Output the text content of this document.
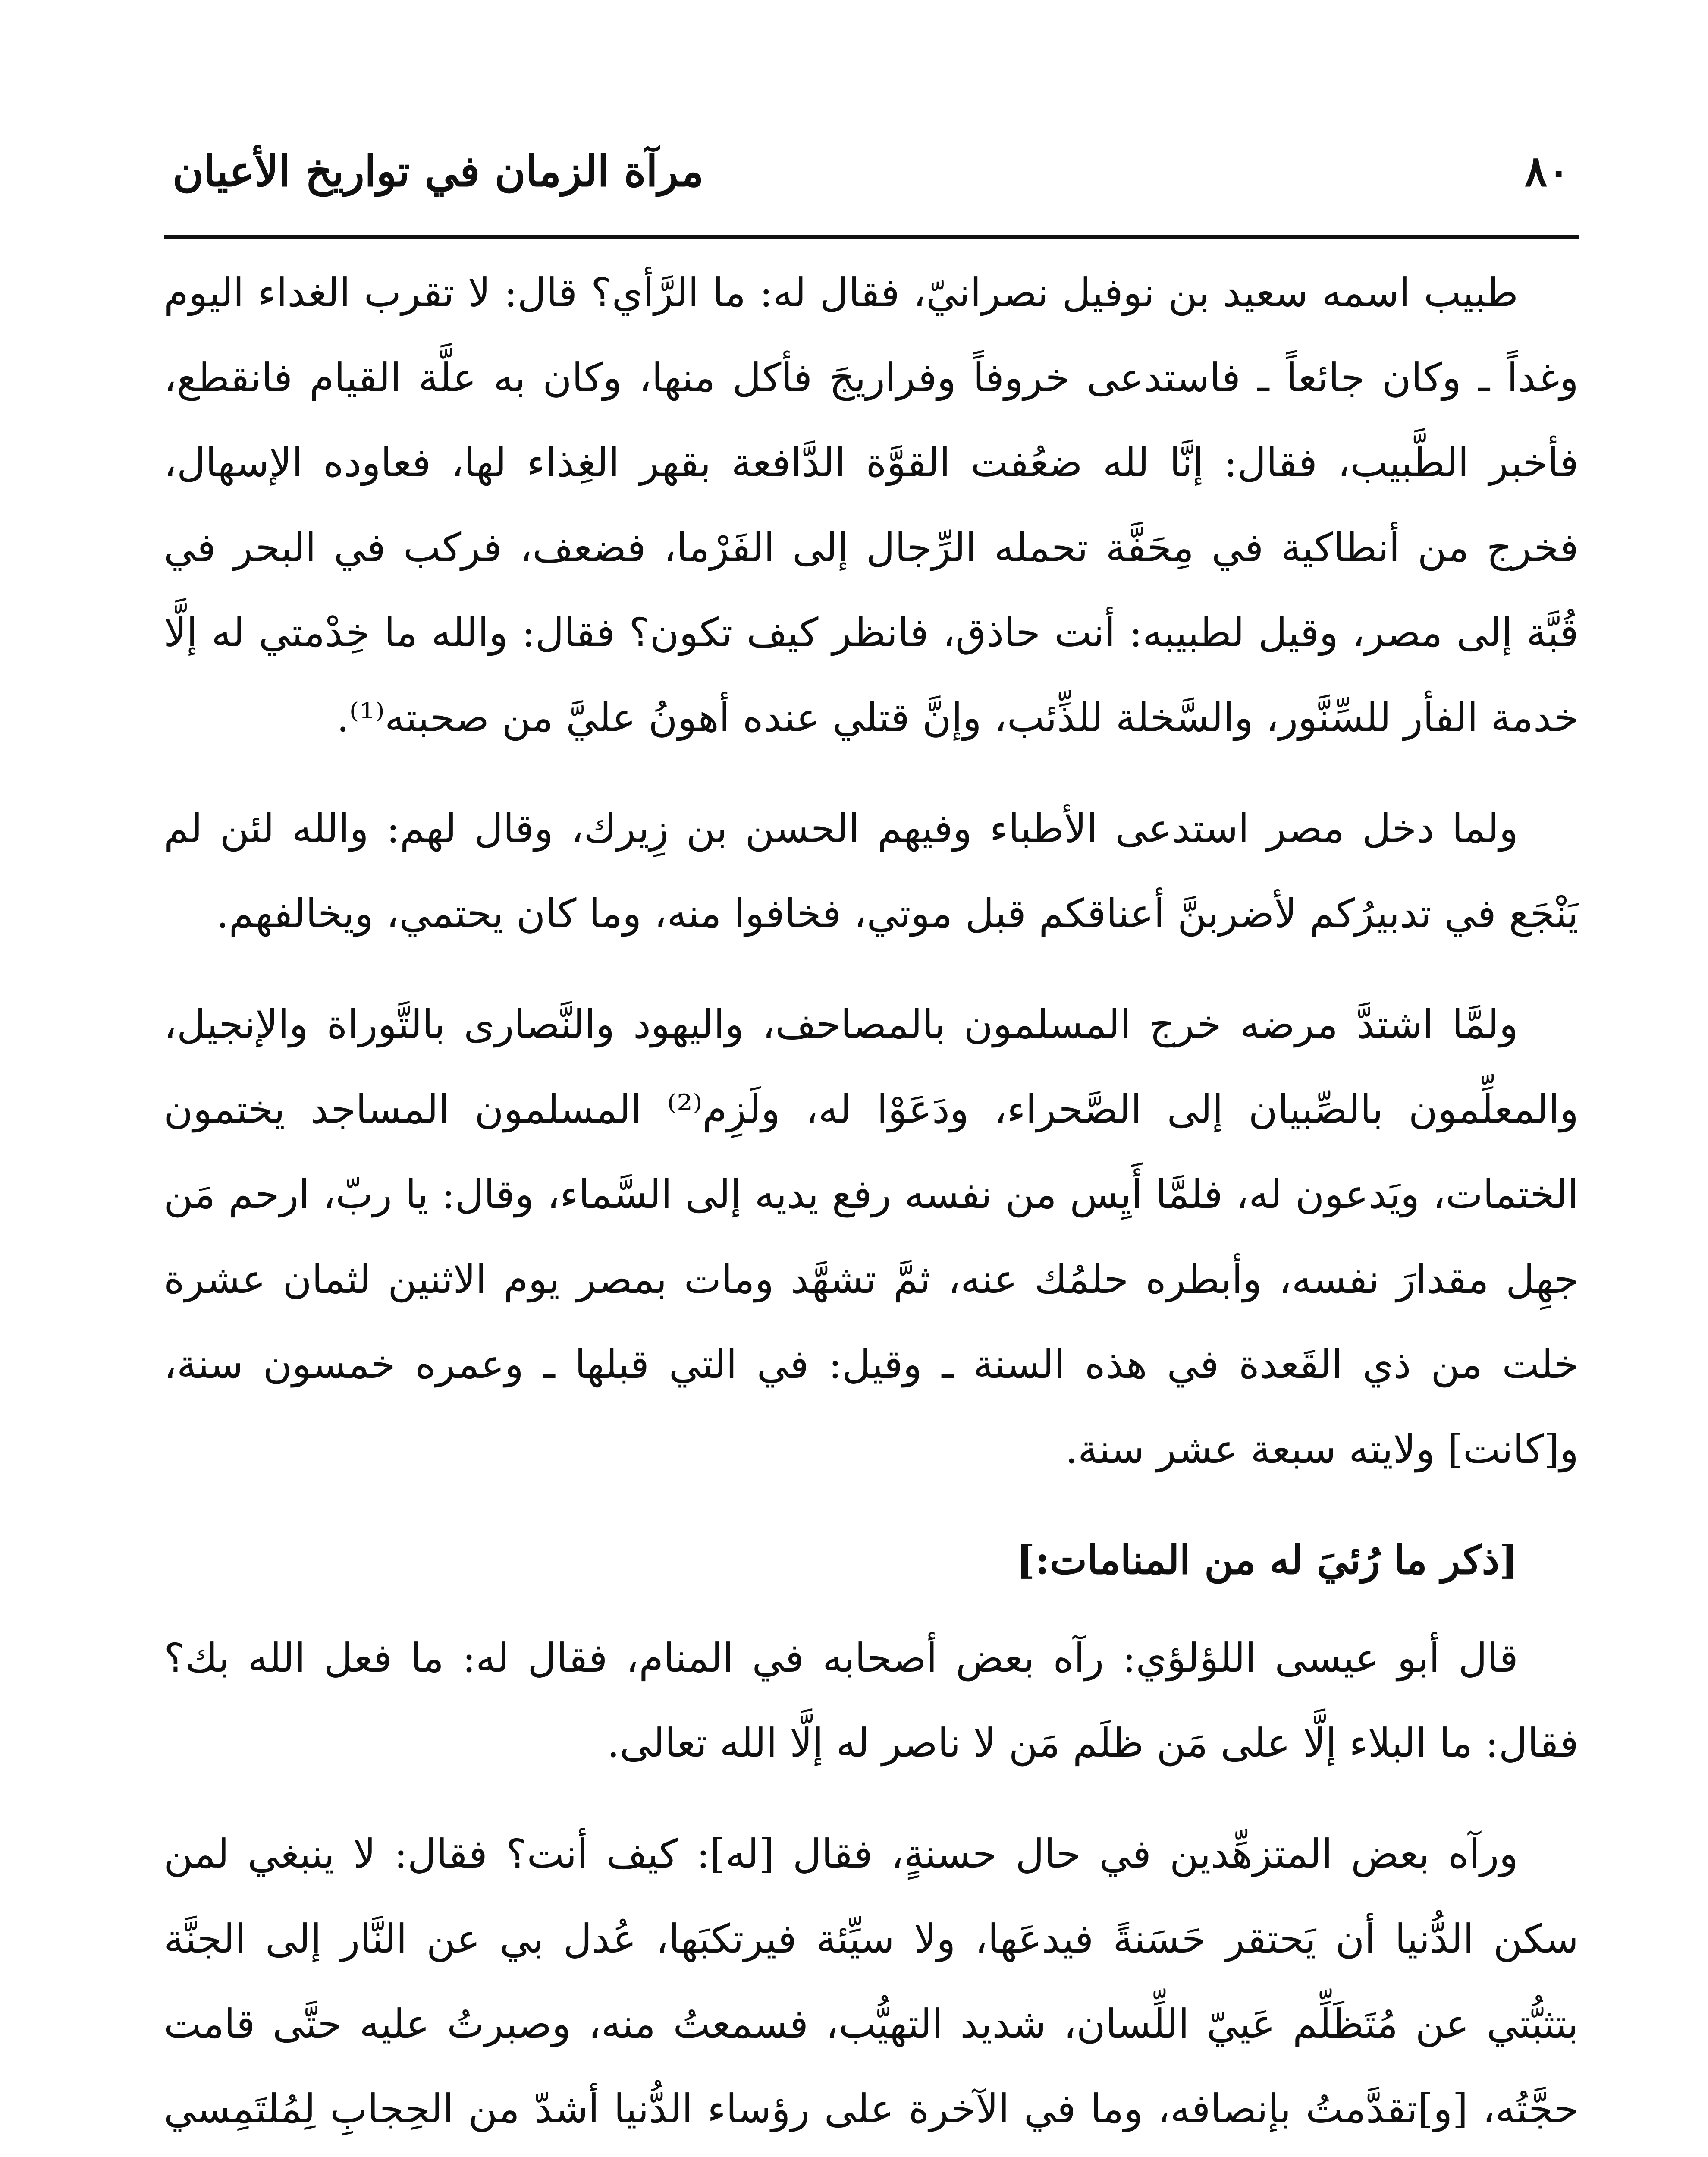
٨٠
مرآة الزمان في تواريخ الأعيان

طبيب اسمه سعيد بن نوفيل نصرانيّ، فقال له: ما الرَّأي؟ قال: لا تقرب الغداء اليوم وغداً ـ وكان جائعاً ـ فاستدعى خروفاً وفراريجَ فأكل منها، وكان به علَّة القيام فانقطع، فأخبر الطَّبيب، فقال: إنَّا لله ضعُفت القوَّة الدَّافعة بقهر الغِذاء لها، فعاوده الإسهال، فخرج من أنطاكية في مِحَفَّة تحمله الرِّجال إلى الفَرْما، فضعف، فركب في البحر في قُبَّة إلى مصر، وقيل لطبيبه: أنت حاذق، فانظر كيف تكون؟ فقال: والله ما خِدْمتي له إلَّا خدمة الفأر للسِّنَّور، والسَّخلة للذِّئب، وإنَّ قتلي عنده أهونُ عليَّ من صحبته⁽¹⁾.

ولما دخل مصر استدعى الأطباء وفيهم الحسن بن زِيرك، وقال لهم: والله لئن لم يَنْجَع في تدبيرُكم لأضربنَّ أعناقكم قبل موتي، فخافوا منه، وما كان يحتمي، ويخالفهم.

ولمَّا اشتدَّ مرضه خرج المسلمون بالمصاحف، واليهود والنَّصارى بالتَّوراة والإنجيل، والمعلِّمون بالصِّبيان إلى الصَّحراء، ودَعَوْا له، ولَزِم⁽²⁾ المسلمون المساجد يختمون الختمات، ويَدعون له، فلمَّا أَيِس من نفسه رفع يديه إلى السَّماء، وقال: يا ربّ، ارحم مَن جهِل مقدارَ نفسه، وأبطره حلمُك عنه، ثمَّ تشهَّد ومات بمصر يوم الاثنين لثمان عشرة خلت من ذي القَعدة في هذه السنة ـ وقيل: في التي قبلها ـ وعمره خمسون سنة، و[كانت] ولايته سبعة عشر سنة.

[ذكر ما رُئيَ له من المنامات:]

قال أبو عيسى اللؤلؤي: رآه بعض أصحابه في المنام، فقال له: ما فعل الله بك؟ فقال: ما البلاء إلَّا على مَن ظلَم مَن لا ناصر له إلَّا الله تعالى.

ورآه بعض المتزهِّدين في حال حسنةٍ، فقال [له]: كيف أنت؟ فقال: لا ينبغي لمن سكن الدُّنيا أن يَحتقر حَسَنةً فيدعَها، ولا سيِّئة فيرتكبَها، عُدل بي عن النَّار إلى الجنَّة بتثبُّتي عن مُتَظَلِّم عَييّ اللِّسان، شديد التهيُّب، فسمعتُ منه، وصبرتُ عليه حتَّى قامت حجَّتُه، [و]تقدَّمتُ بإنصافه، وما في الآخرة على رؤساء الدُّنيا أشدّ من الحِجابِ لِمُلتَمِسي
